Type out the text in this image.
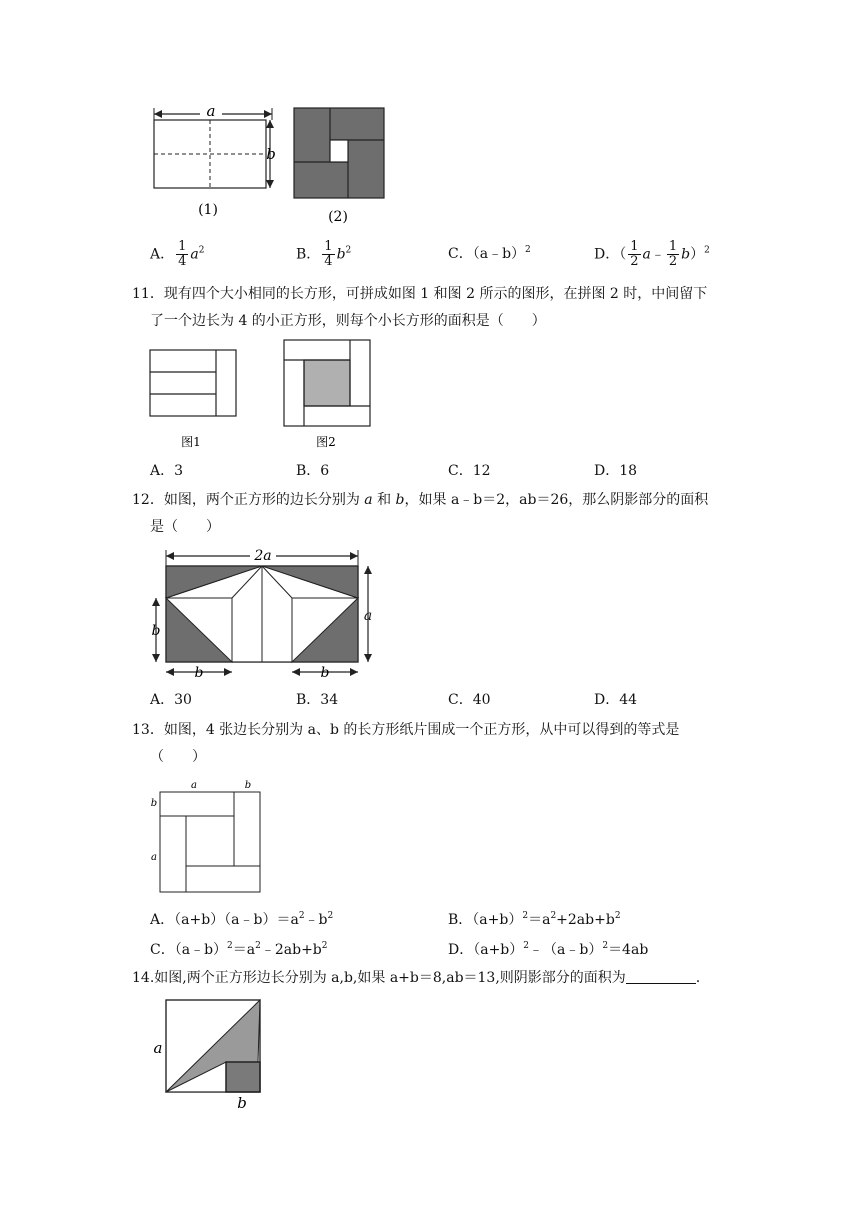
a
b
(1)	(2)
A． $\frac{1}{4} a^2$	B． $\frac{1}{4} b^2$	C．（a﹣b）$^2$	D．（ $\frac{1}{2}$ a﹣ $\frac{1}{2} b)^2$
11．现有四个大小相同的长方形，可拼成如图 1 和图 2 所示的图形，在拼图 2 时，中间留下
了一个边长为 4 的小正方形，则每个小长方形的面积是（　　）
图1	图2
A．3	B．6	C．12	D．18
12．如图，两个正方形的边长分别为 a 和 b，如果 a﹣b＝2，ab＝26，那么阴影部分的面积
是（　　）
2a
a
b
b	b
A．30	B．34	C．40	D．44
13．如图，4 张边长分别为 a、b 的长方形纸片围成一个正方形，从中可以得到的等式是
（　　）
a	b
b
a
A．$(a+b)(a﹣b)=a^2﹣b^2$	B．$(a+b)^2=a^2+2ab+b^2$
C．$(a﹣b)^2=a^2﹣2ab+b^2$	D．$(a+b)^2﹣(a﹣b)^2=4ab$
14.如图,两个正方形边长分别为 a,b,如果 a+b＝8,ab＝13,则阴影部分的面积为	.
a
b
